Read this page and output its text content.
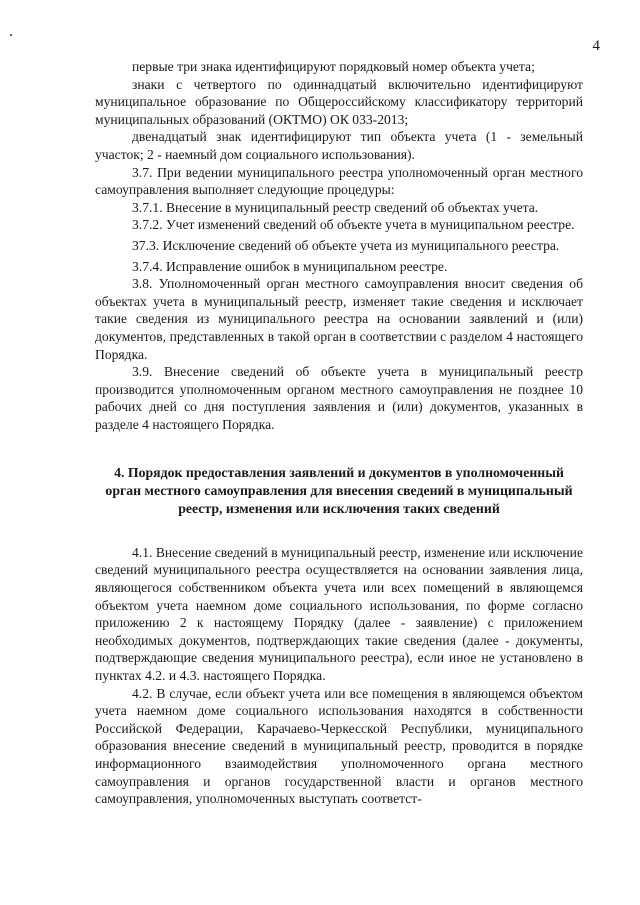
4

первые три знака идентифицируют порядковый номер объекта учета;

знаки с четвертого по одиннадцатый включительно идентифицируют муниципальное образование по Общероссийскому классификатору территорий муниципальных образований (ОКТМО) ОК 033-2013;

двенадцатый знак идентифицируют тип объекта учета (1 - земельный участок; 2 - наемный дом социального использования).

3.7. При ведении муниципального реестра уполномоченный орган местного самоуправления выполняет следующие процедуры:

3.7.1. Внесение в муниципальный реестр сведений об объектах учета.

3.7.2. Учет изменений сведений об объекте учета в муниципальном реестре.

37.3. Исключение сведений об объекте учета из муниципального реестра.

3.7.4. Исправление ошибок в муниципальном реестре.

3.8. Уполномоченный орган местного самоуправления вносит сведения об объектах учета в муниципальный реестр, изменяет такие сведения и исключает такие сведения из муниципального реестра на основании заявлений и (или) документов, представленных в такой орган в соответствии с разделом 4 настоящего Порядка.

3.9. Внесение сведений об объекте учета в муниципальный реестр производится уполномоченным органом местного самоуправления не позднее 10 рабочих дней со дня поступления заявления и (или) документов, указанных в разделе 4 настоящего Порядка.

4. Порядок предоставления заявлений и документов в уполномоченный орган местного самоуправления для внесения сведений в муниципальный реестр, изменения или исключения таких сведений

4.1. Внесение сведений в муниципальный реестр, изменение или исключение сведений муниципального реестра осуществляется на основании заявления лица, являющегося собственником объекта учета или всех помещений в являющемся объектом учета наемном доме социального использования, по форме согласно приложению 2 к настоящему Порядку (далее - заявление) с приложением необходимых документов, подтверждающих такие сведения (далее - документы, подтверждающие сведения муниципального реестра), если иное не установлено в пунктах 4.2. и 4.3. настоящего Порядка.

4.2. В случае, если объект учета или все помещения в являющемся объектом учета наемном доме социального использования находятся в собственности Российской Федерации, Карачаево-Черкесской Республики, муниципального образования внесение сведений в муниципальный реестр, проводится в порядке информационного взаимодействия уполномоченного органа местного самоуправления и органов государственной власти и органов местного самоуправления, уполномоченных выступать соответст-
